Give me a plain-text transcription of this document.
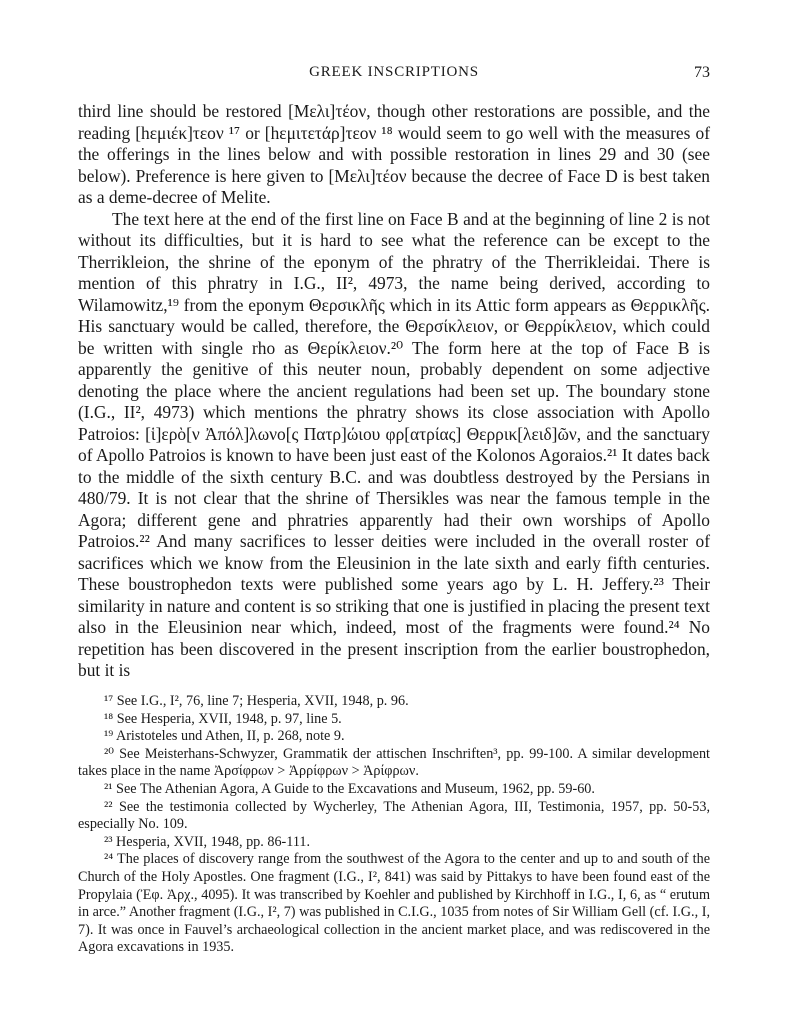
GREEK INSCRIPTIONS	73

third line should be restored [Μελι]τέον, though other restorations are possible, and the reading [hεμιέκ]τεον ¹⁷ or [hεμιτετάρ]τεον ¹⁸ would seem to go well with the measures of the offerings in the lines below and with possible restoration in lines 29 and 30 (see below). Preference is here given to [Μελι]τέον because the decree of Face D is best taken as a deme-decree of Melite.

The text here at the end of the first line on Face B and at the beginning of line 2 is not without its difficulties, but it is hard to see what the reference can be except to the Therrikleion, the shrine of the eponym of the phratry of the Therrikleidai. There is mention of this phratry in I.G., II², 4973, the name being derived, according to Wilamowitz,¹⁹ from the eponym Θερσικλῆς which in its Attic form appears as Θερρικλῆς. His sanctuary would be called, therefore, the Θερσίκλειον, or Θερρίκλειον, which could be written with single rho as Θερίκλειον.²⁰ The form here at the top of Face B is apparently the genitive of this neuter noun, probably dependent on some adjective denoting the place where the ancient regulations had been set up. The boundary stone (I.G., II², 4973) which mentions the phratry shows its close association with Apollo Patroios: [ἱ]ερὸ[ν Ἀπόλ]λωνο[ς Πατρ]ώιου φρ[ατρίας] Θερρικ[λειδ]ῶν, and the sanctuary of Apollo Patroios is known to have been just east of the Kolonos Agoraios.²¹ It dates back to the middle of the sixth century B.C. and was doubtless destroyed by the Persians in 480/79. It is not clear that the shrine of Thersikles was near the famous temple in the Agora; different gene and phratries apparently had their own worships of Apollo Patroios.²² And many sacrifices to lesser deities were included in the overall roster of sacrifices which we know from the Eleusinion in the late sixth and early fifth centuries. These boustrophedon texts were published some years ago by L. H. Jeffery.²³ Their similarity in nature and content is so striking that one is justified in placing the present text also in the Eleusinion near which, indeed, most of the fragments were found.²⁴ No repetition has been discovered in the present inscription from the earlier boustrophedon, but it is

¹⁷ See I.G., I², 76, line 7; Hesperia, XVII, 1948, p. 96.

¹⁸ See Hesperia, XVII, 1948, p. 97, line 5.

¹⁹ Aristoteles und Athen, II, p. 268, note 9.

²⁰ See Meisterhans-Schwyzer, Grammatik der attischen Inschriften³, pp. 99-100. A similar development takes place in the name Ἀρσίφρων > Ἀρρίφρων > Ἀρίφρων.

²¹ See The Athenian Agora, A Guide to the Excavations and Museum, 1962, pp. 59-60.

²² See the testimonia collected by Wycherley, The Athenian Agora, III, Testimonia, 1957, pp. 50-53, especially No. 109.

²³ Hesperia, XVII, 1948, pp. 86-111.

²⁴ The places of discovery range from the southwest of the Agora to the center and up to and south of the Church of the Holy Apostles. One fragment (I.G., I², 841) was said by Pittakys to have been found east of the Propylaia (Ἐφ. Ἀρχ., 4095). It was transcribed by Koehler and published by Kirchhoff in I.G., I, 6, as “ erutum in arce.” Another fragment (I.G., I², 7) was published in C.I.G., 1035 from notes of Sir William Gell (cf. I.G., I, 7). It was once in Fauvel’s archaeological collection in the ancient market place, and was rediscovered in the Agora excavations in 1935.
